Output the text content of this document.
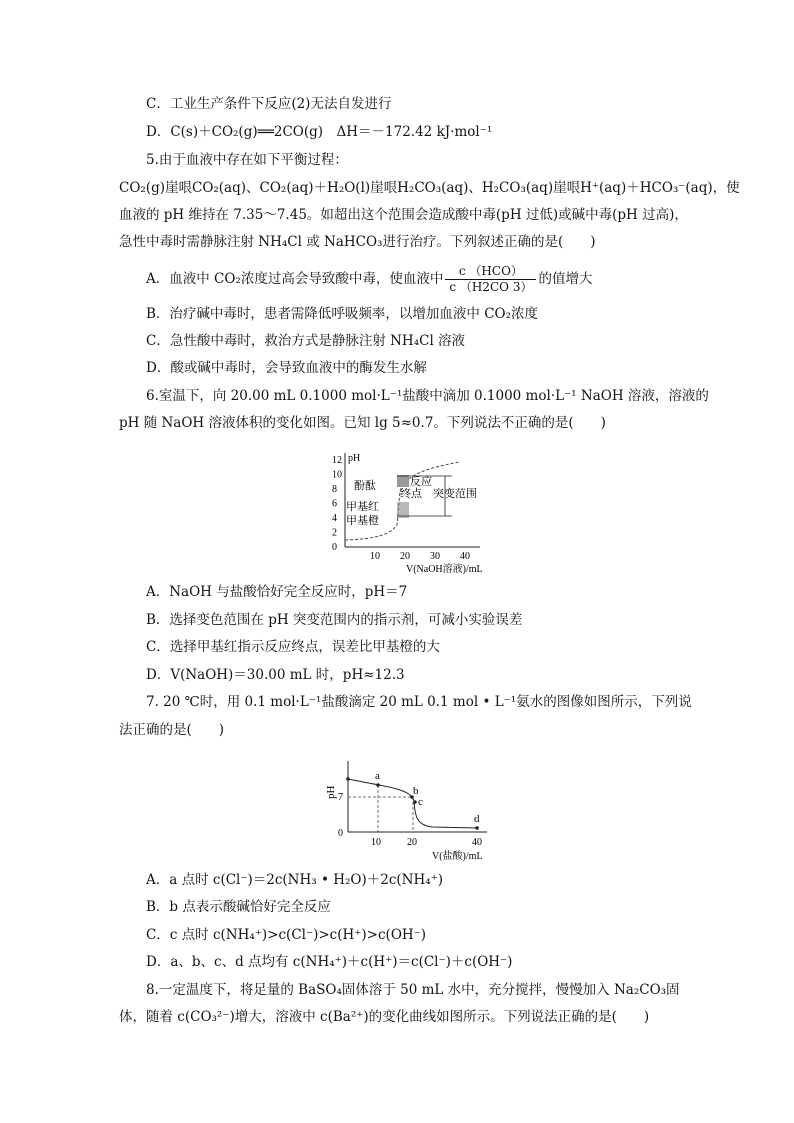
C．工业生产条件下反应(2)无法自发进行
D．C(s)＋CO₂(g)══2CO(g)　ΔH＝－172.42 kJ·mol⁻¹
5.由于血液中存在如下平衡过程：
CO₂(g)崖哏CO₂(aq)、CO₂(aq)＋H₂O(l)崖哏H₂CO₃(aq)、H₂CO₃(aq)崖哏H⁺(aq)＋HCO₃⁻(aq)，使
血液的 pH 维持在 7.35～7.45。如超出这个范围会造成酸中毒(pH 过低)或碱中毒(pH 过高)，
急性中毒时需静脉注射 NH₄Cl 或 NaHCO₃进行治疗。下列叙述正确的是(　　)
A．血液中 CO₂浓度过高会导致酸中毒，使血液中 $\frac{\text{c （HCO）}}{c (H2CO 3)}$ 的值增大
B．治疗碱中毒时，患者需降低呼吸频率，以增加血液中 CO₂浓度
C．急性酸中毒时，救治方式是静脉注射 NH₄Cl 溶液
D．酸或碱中毒时，会导致血液中的酶发生水解
6.室温下，向 20.00 mL 0.1000 mol·L⁻¹盐酸中滴加 0.1000 mol·L⁻¹ NaOH 溶液，溶液的
pH 随 NaOH 溶液体积的变化如图。已知 lg 5≈0.7。下列说法不正确的是(　　)
pH
0
2
4
6
8
10
12
10 20 30 40
V(NaOH溶液)/mL
酚酞	反应
终点 突变范围
甲基红
甲基橙
A．NaOH 与盐酸恰好完全反应时，pH＝7
B．选择变色范围在 pH 突变范围内的指示剂，可减小实验误差
C．选择甲基红指示反应终点，误差比甲基橙的大
D．V(NaOH)＝30.00 mL 时，pH≈12.3
7. 20 ℃时，用 0.1 mol·L⁻¹盐酸滴定 20 mL 0.1 mol • L⁻¹氨水的图像如图所示，下列说
法正确的是(　　)
pH 7
0
10	20	40
V(盐酸)/mL
a
b
c
d
A．a 点时 c(Cl⁻)＝2c(NH₃ • H₂O)＋2c(NH₄⁺)
B．b 点表示酸碱恰好完全反应
C．c 点时 c(NH₄⁺)>c(Cl⁻)>c(H⁺)>c(OH⁻)
D．a、b、c、d 点均有 c(NH₄⁺)＋c(H⁺)＝c(Cl⁻)＋c(OH⁻)
8.一定温度下，将足量的 BaSO₄固体溶于 50 mL 水中，充分搅拌，慢慢加入 Na₂CO₃固
体，随着 c(CO₃²⁻)增大，溶液中 c(Ba²⁺)的变化曲线如图所示。下列说法正确的是(　　)
